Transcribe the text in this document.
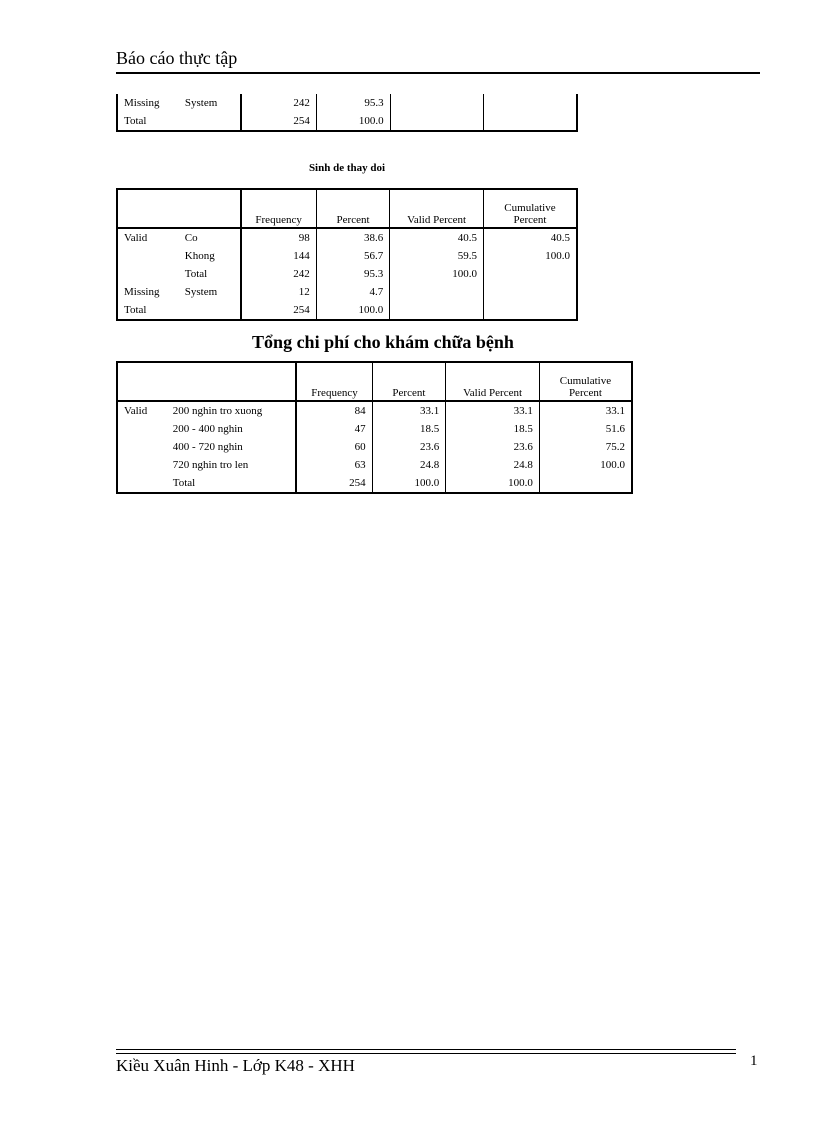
Báo cáo thực tập
Missing	System	242	95.3		
Total		254	100.0		
Sinh de thay doi
		Frequency	Percent	Valid Percent	Cumulative
Percent
Valid	Co	98	38.6	40.5	40.5
	Khong	144	56.7	59.5	100.0
	Total	242	95.3	100.0	
Missing	System	12	4.7		
Total		254	100.0		
Tổng chi phí cho khám chữa bệnh
		Frequency	Percent	Valid Percent	Cumulative
Percent
Valid	200 nghin tro xuong	84	33.1	33.1	33.1
	200 - 400 nghin	47	18.5	18.5	51.6
	400 - 720 nghin	60	23.6	23.6	75.2
	720 nghin tro len	63	24.8	24.8	100.0
	Total	254	100.0	100.0	
Kiều Xuân Hinh - Lớp K48 - XHH	1
